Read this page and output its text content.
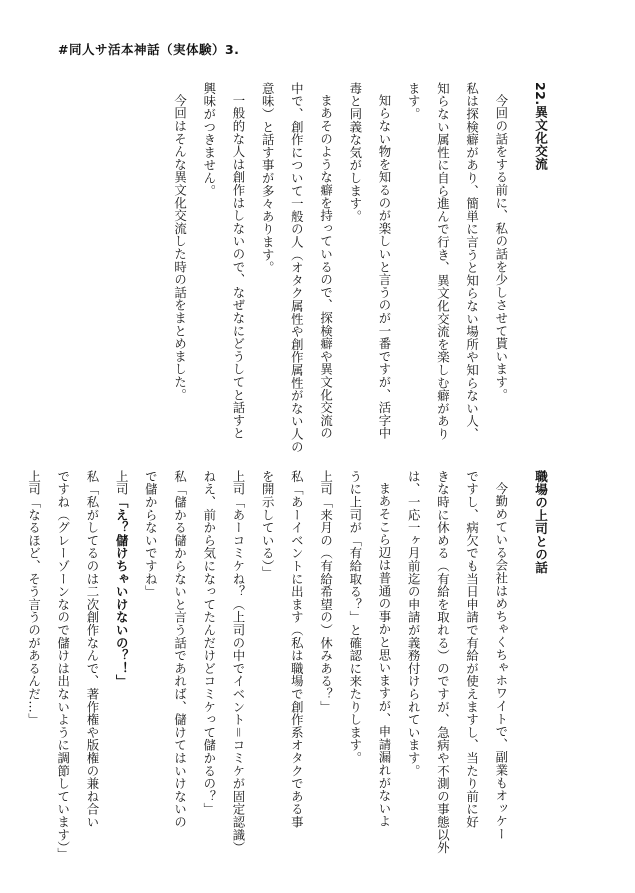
#同人サ活本神話（実体験）3.

22.異文化交流

今回の話をする前に、私の話を少しさせて貰います。

私は探検癖があり、簡単に言うと知らない場所や知らない人、

知らない属性に自ら進んで行き、異文化交流を楽しむ癖があり

ます。

知らない物を知るのが楽しいと言うのが一番ですが、活字中

毒と同義な気がします。

まあそのような癖を持っているので、探検癖や異文化交流の

中で、創作について一般の人（オタク属性や創作属性がない人の

意味）と話す事が多々あります。

一般的な人は創作はしないので、なぜなにどうしてと話すと

興味がつきません。

今回はそんな異文化交流した時の話をまとめました。

職場の上司との話

今勤めている会社はめちゃくちゃホワイトで、副業もオッケー

ですし、病欠でも当日申請で有給が使えますし、当たり前に好

きな時に休める（有給を取れる）のですが、急病や不測の事態以外

は、一応一ヶ月前迄の申請が義務付けられています。

まあそこら辺は普通の事かと思いますが、申請漏れがないよ

うに上司が「有給取る？」と確認に来たりします。

上司「来月の（有給希望の）休みある？」

私「あーイベントに出ます（私は職場で創作系オタクである事

を開示している）」

上司「あーコミケね？（上司の中でイベント＝コミケが固定認識）

ねえ、前から気になってたんだけどコミケって儲かるの？」

私「儲かる儲からないと言う話であれば、儲けてはいけないの

で儲からないですね」

上司「え？儲けちゃいけないの？！」

私「私がしてるのは二次創作なんで、著作権や版権の兼ね合い

ですね（グレーゾーンなので儲けは出ないように調節しています）」

上司「なるほど、そう言うのがあるんだ…」
